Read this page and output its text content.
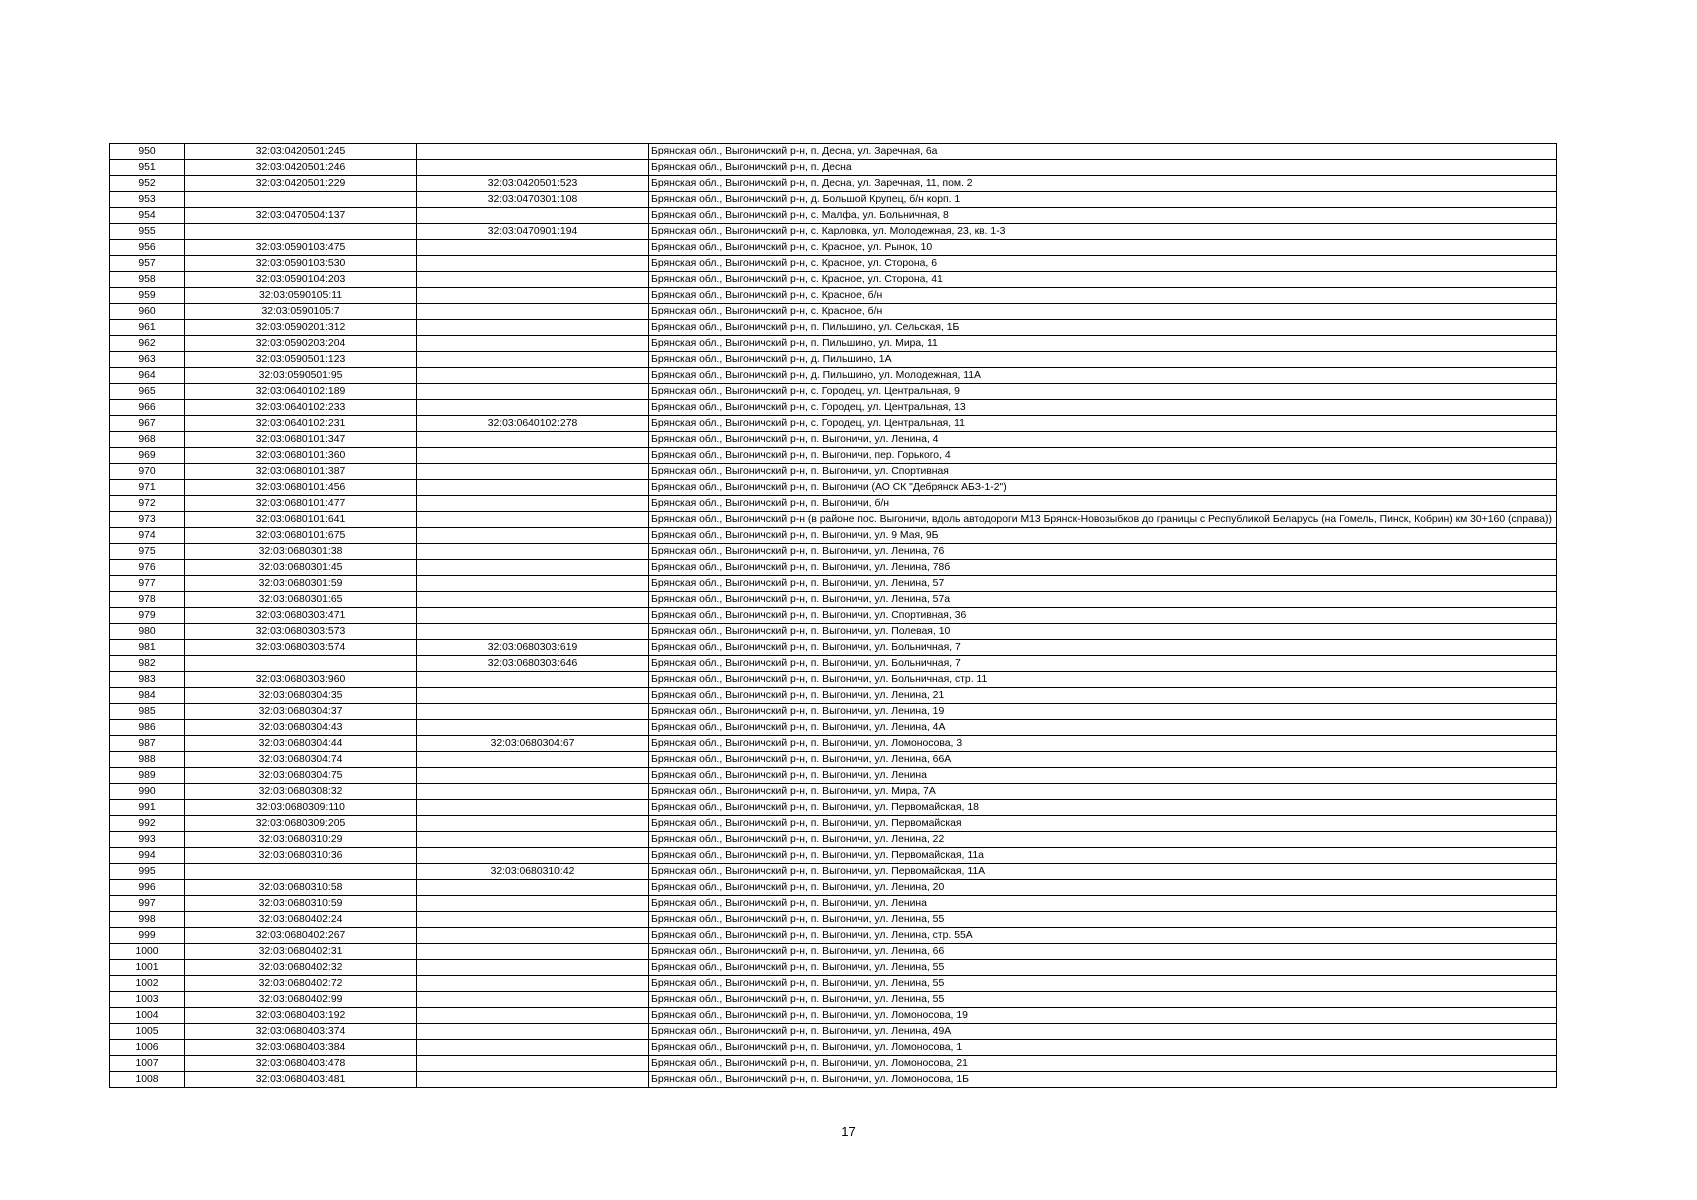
950	32:03:0420501:245		Брянская обл., Выгоничский р-н, п. Десна, ул. Заречная, 6а
951	32:03:0420501:246		Брянская обл., Выгоничский р-н, п. Десна
952	32:03:0420501:229	32:03:0420501:523	Брянская обл., Выгоничский р-н, п. Десна, ул. Заречная, 11, пом. 2
953		32:03:0470301:108	Брянская обл., Выгоничский р-н, д. Большой Крупец, б/н корп. 1
954	32:03:0470504:137		Брянская обл., Выгоничский р-н, с. Малфа, ул. Больничная, 8
955		32:03:0470901:194	Брянская обл., Выгоничский р-н, с. Карловка, ул. Молодежная, 23, кв. 1-3
956	32:03:0590103:475		Брянская обл., Выгоничский р-н, с. Красное, ул. Рынок, 10
957	32:03:0590103:530		Брянская обл., Выгоничский р-н, с. Красное, ул. Сторона, 6
958	32:03:0590104:203		Брянская обл., Выгоничский р-н, с. Красное, ул. Сторона, 41
959	32:03:0590105:11		Брянская обл., Выгоничский р-н, с. Красное, б/н
960	32:03:0590105:7		Брянская обл., Выгоничский р-н, с. Красное, б/н
961	32:03:0590201:312		Брянская обл., Выгоничский р-н, п. Пильшино, ул. Сельская, 1Б
962	32:03:0590203:204		Брянская обл., Выгоничский р-н, п. Пильшино, ул. Мира, 11
963	32:03:0590501:123		Брянская обл., Выгоничский р-н, д. Пильшино, 1А
964	32:03:0590501:95		Брянская обл., Выгоничский р-н, д. Пильшино, ул. Молодежная, 11А
965	32:03:0640102:189		Брянская обл., Выгоничский р-н, с. Городец, ул. Центральная, 9
966	32:03:0640102:233		Брянская обл., Выгоничский р-н, с. Городец, ул. Центральная, 13
967	32:03:0640102:231	32:03:0640102:278	Брянская обл., Выгоничский р-н, с. Городец, ул. Центральная, 11
968	32:03:0680101:347		Брянская обл., Выгоничский р-н, п. Выгоничи, ул. Ленина, 4
969	32:03:0680101:360		Брянская обл., Выгоничский р-н, п. Выгоничи, пер. Горького, 4
970	32:03:0680101:387		Брянская обл., Выгоничский р-н, п. Выгоничи, ул. Спортивная
971	32:03:0680101:456		Брянская обл., Выгоничский р-н, п. Выгоничи (АО СК "Дебрянск АБЗ-1-2")
972	32:03:0680101:477		Брянская обл., Выгоничский р-н, п. Выгоничи, б/н
973	32:03:0680101:641		Брянская обл., Выгоничский р-н (в районе пос. Выгоничи, вдоль автодороги М13 Брянск-Новозыбков до границы с Республикой Беларусь (на Гомель, Пинск, Кобрин) км 30+160 (справа))
974	32:03:0680101:675		Брянская обл., Выгоничский р-н, п. Выгоничи, ул. 9 Мая, 9Б
975	32:03:0680301:38		Брянская обл., Выгоничский р-н, п. Выгоничи, ул. Ленина, 76
976	32:03:0680301:45		Брянская обл., Выгоничский р-н, п. Выгоничи, ул. Ленина, 78б
977	32:03:0680301:59		Брянская обл., Выгоничский р-н, п. Выгоничи, ул. Ленина, 57
978	32:03:0680301:65		Брянская обл., Выгоничский р-н, п. Выгоничи, ул. Ленина, 57а
979	32:03:0680303:471		Брянская обл., Выгоничский р-н, п. Выгоничи, ул. Спортивная, 36
980	32:03:0680303:573		Брянская обл., Выгоничский р-н, п. Выгоничи, ул. Полевая, 10
981	32:03:0680303:574	32:03:0680303:619	Брянская обл., Выгоничский р-н, п. Выгоничи, ул. Больничная, 7
982		32:03:0680303:646	Брянская обл., Выгоничский р-н, п. Выгоничи, ул. Больничная, 7
983	32:03:0680303:960		Брянская обл., Выгоничский р-н, п. Выгоничи, ул. Больничная, стр. 11
984	32:03:0680304:35		Брянская обл., Выгоничский р-н, п. Выгоничи, ул. Ленина, 21
985	32:03:0680304:37		Брянская обл., Выгоничский р-н, п. Выгоничи, ул. Ленина, 19
986	32:03:0680304:43		Брянская обл., Выгоничский р-н, п. Выгоничи, ул. Ленина, 4А
987	32:03:0680304:44	32:03:0680304:67	Брянская обл., Выгоничский р-н, п. Выгоничи, ул. Ломоносова, 3
988	32:03:0680304:74		Брянская обл., Выгоничский р-н, п. Выгоничи, ул. Ленина, 66А
989	32:03:0680304:75		Брянская обл., Выгоничский р-н, п. Выгоничи, ул. Ленина
990	32:03:0680308:32		Брянская обл., Выгоничский р-н, п. Выгоничи, ул. Мира, 7А
991	32:03:0680309:110		Брянская обл., Выгоничский р-н, п. Выгоничи, ул. Первомайская, 18
992	32:03:0680309:205		Брянская обл., Выгоничский р-н, п. Выгоничи, ул. Первомайская
993	32:03:0680310:29		Брянская обл., Выгоничский р-н, п. Выгоничи, ул. Ленина, 22
994	32:03:0680310:36		Брянская обл., Выгоничский р-н, п. Выгоничи, ул. Первомайская, 11а
995		32:03:0680310:42	Брянская обл., Выгоничский р-н, п. Выгоничи, ул. Первомайская, 11А
996	32:03:0680310:58		Брянская обл., Выгоничский р-н, п. Выгоничи, ул. Ленина, 20
997	32:03:0680310:59		Брянская обл., Выгоничский р-н, п. Выгоничи, ул. Ленина
998	32:03:0680402:24		Брянская обл., Выгоничский р-н, п. Выгоничи, ул. Ленина, 55
999	32:03:0680402:267		Брянская обл., Выгоничский р-н, п. Выгоничи, ул. Ленина, стр. 55А
1000	32:03:0680402:31		Брянская обл., Выгоничский р-н, п. Выгоничи, ул. Ленина, 66
1001	32:03:0680402:32		Брянская обл., Выгоничский р-н, п. Выгоничи, ул. Ленина, 55
1002	32:03:0680402:72		Брянская обл., Выгоничский р-н, п. Выгоничи, ул. Ленина, 55
1003	32:03:0680402:99		Брянская обл., Выгоничский р-н, п. Выгоничи, ул. Ленина, 55
1004	32:03:0680403:192		Брянская обл., Выгоничский р-н, п. Выгоничи, ул. Ломоносова, 19
1005	32:03:0680403:374		Брянская обл., Выгоничский р-н, п. Выгоничи, ул. Ленина, 49А
1006	32:03:0680403:384		Брянская обл., Выгоничский р-н, п. Выгоничи, ул. Ломоносова, 1
1007	32:03:0680403:478		Брянская обл., Выгоничский р-н, п. Выгоничи, ул. Ломоносова, 21
1008	32:03:0680403:481		Брянская обл., Выгоничский р-н, п. Выгоничи, ул. Ломоносова, 1Б
17
